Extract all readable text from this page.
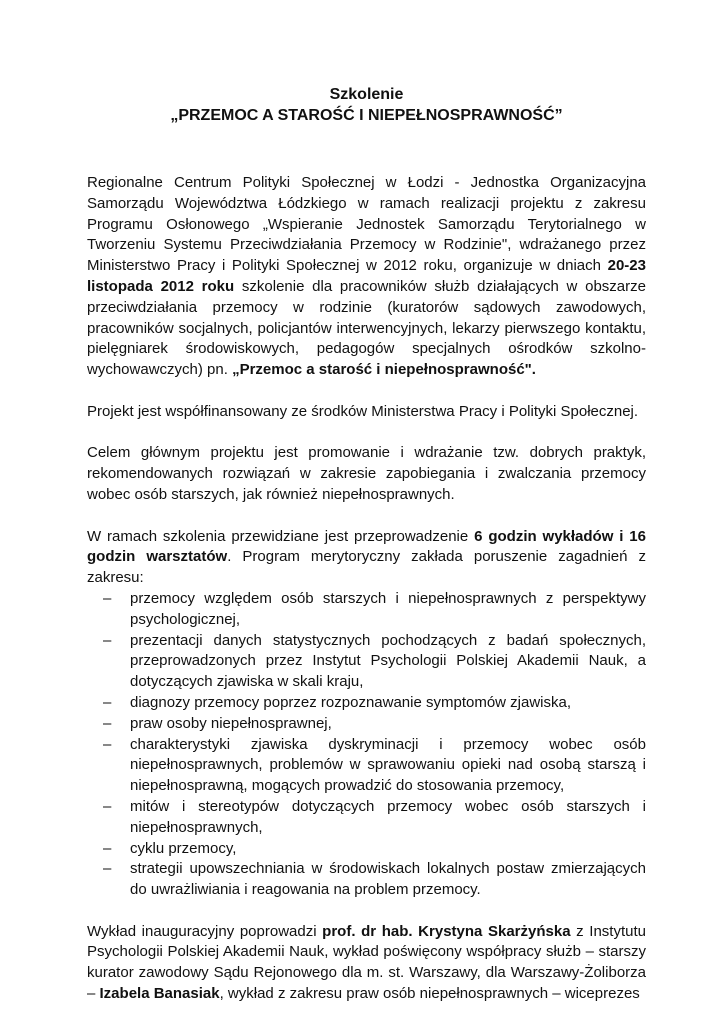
Szkolenie
„PRZEMOC A STAROŚĆ I NIEPEŁNOSPRAWNOŚĆ”

Regionalne Centrum Polityki Społecznej w Łodzi - Jednostka Organizacyjna Samorządu Województwa Łódzkiego w ramach realizacji projektu z zakresu Programu Osłonowego „Wspieranie Jednostek Samorządu Terytorialnego w Tworzeniu Systemu Przeciwdziałania Przemocy w Rodzinie", wdrażanego przez Ministerstwo Pracy i Polityki Społecznej w 2012 roku, organizuje w dniach 20-23 listopada 2012 roku szkolenie dla pracowników służb działających w obszarze przeciwdziałania przemocy w rodzinie (kuratorów sądowych zawodowych, pracowników socjalnych, policjantów interwencyjnych, lekarzy pierwszego kontaktu, pielęgniarek środowiskowych, pedagogów specjalnych ośrodków szkolno-wychowawczych) pn. „Przemoc a starość i niepełnosprawność".

Projekt jest współfinansowany ze środków Ministerstwa Pracy i Polityki Społecznej.

Celem głównym projektu jest promowanie i wdrażanie tzw. dobrych praktyk, rekomendowanych rozwiązań w zakresie zapobiegania i zwalczania przemocy wobec osób starszych, jak również niepełnosprawnych.

W ramach szkolenia przewidziane jest przeprowadzenie 6 godzin wykładów i 16 godzin warsztatów. Program merytoryczny zakłada poruszenie zagadnień z zakresu:

– przemocy względem osób starszych i niepełnosprawnych z perspektywy psychologicznej,
– prezentacji danych statystycznych pochodzących z badań społecznych, przeprowadzonych przez Instytut Psychologii Polskiej Akademii Nauk, a dotyczących zjawiska w skali kraju,
– diagnozy przemocy poprzez rozpoznawanie symptomów zjawiska,
– praw osoby niepełnosprawnej,
– charakterystyki zjawiska dyskryminacji i przemocy wobec osób niepełnosprawnych, problemów w sprawowaniu opieki nad osobą starszą i niepełnosprawną, mogących prowadzić do stosowania przemocy,
– mitów i stereotypów dotyczących przemocy wobec osób starszych i niepełnosprawnych,
– cyklu przemocy,
– strategii upowszechniania w środowiskach lokalnych postaw zmierzających do uwrażliwiania i reagowania na problem przemocy.

Wykład inauguracyjny poprowadzi prof. dr hab. Krystyna Skarżyńska z Instytutu Psychologii Polskiej Akademii Nauk, wykład poświęcony współpracy służb – starszy kurator zawodowy Sądu Rejonowego dla m. st. Warszawy, dla Warszawy-Żoliborza – Izabela Banasiak, wykład z zakresu praw osób niepełnosprawnych – wiceprezes
